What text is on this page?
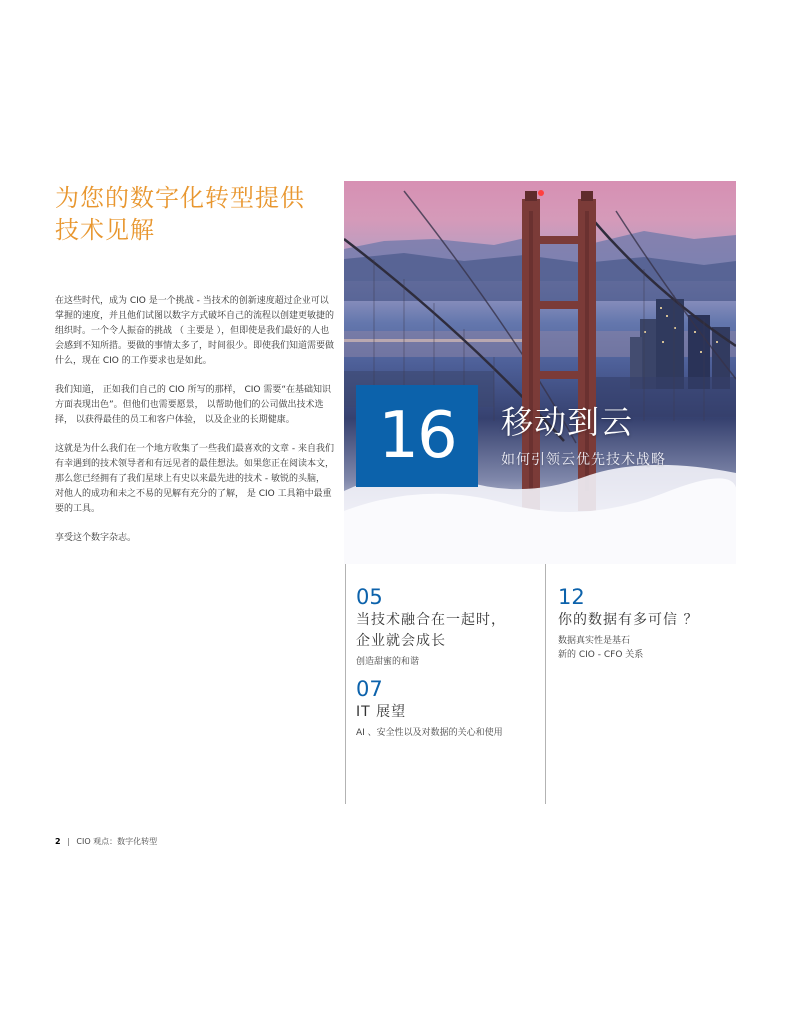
为您的数字化转型提供
技术见解

在这些时代，成为 CIO 是一个挑战 - 当技术的创新速度超过企业可以掌握的速度，并且他们试图以数字方式破坏自己的流程以创建更敏捷的组织时。一个令人振奋的挑战 （ 主要是 ），但即使是我们最好的人也会感到不知所措。要做的事情太多了，时间很少。即使我们知道需要做什么，现在 CIO 的工作要求也是如此。

我们知道， 正如我们自己的 CIO 所写的那样， CIO 需要“在基础知识方面表现出色”。但他们也需要愿景， 以帮助他们的公司做出技术选择， 以获得最佳的员工和客户体验， 以及企业的长期健康。

这就是为什么我们在一个地方收集了一些我们最喜欢的文章 - 来自我们有幸遇到的技术领导者和有远见者的最佳想法。如果您正在阅读本文， 那么您已经拥有了我们星球上有史以来最先进的技术 - 敏锐的头脑， 对他人的成功和未之不易的见解有充分的了解， 是 CIO 工具箱中最重要的工具。

享受这个数字杂志。

16	移动到云
如何引领云优先技术战略

05

当技术融合在一起时，
企业就会成长

创造甜蜜的和谐

07

IT 展望

AI 、安全性以及对数据的关心和使用

12

你的数据有多可信 ？

数据真实性是基石
新的 CIO - CFO 关系

2 | CIO 观点：数字化转型
